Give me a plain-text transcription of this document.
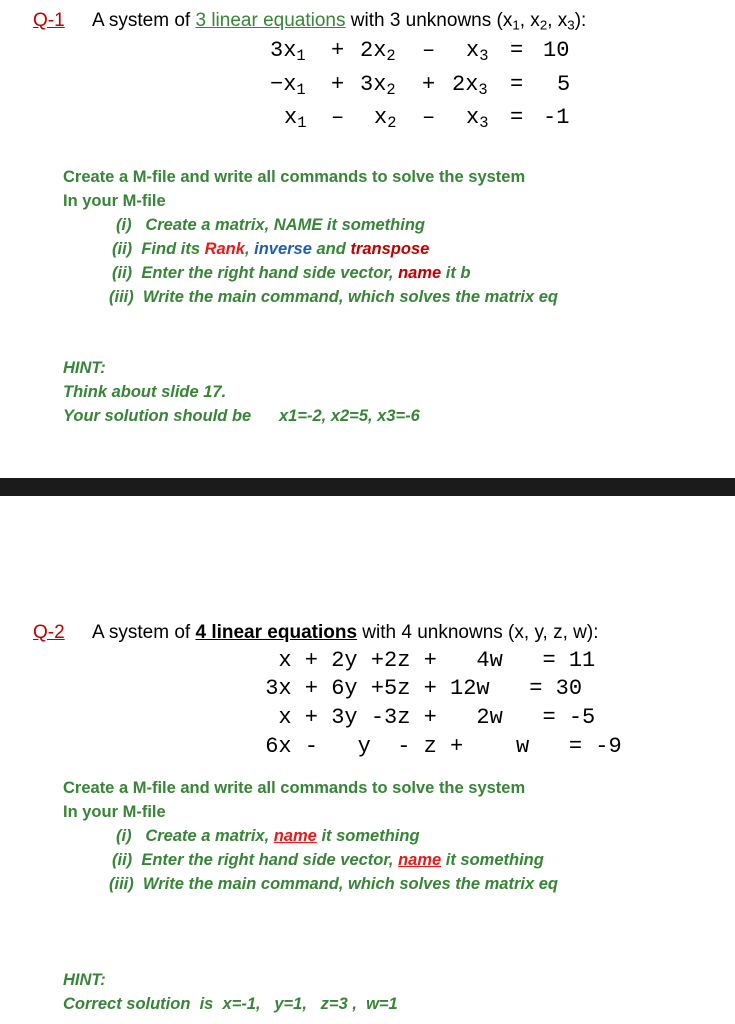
Q-1 A system of 3 linear equations with 3 unknowns ($x_1$, $x_2$, $x_3$):
$3x_1 + 2x_2 - x_3 = 10$
$-x_1 + 3x_2 + 2x_3 = 5$
$x_1 - x_2 - x_3 = -1$
Create a M-file and write all commands to solve the system
In your M-file
(i) Create a matrix, NAME it something
(ii) Find its Rank, inverse and transpose
(ii) Enter the right hand side vector, name it b
(iii) Write the main command, which solves the matrix eq
HINT:
Think about slide 17.
Your solution should be x1=-2, x2=5, x3=-6
Q-2 A system of 4 linear equations with 4 unknowns (x, y, z, w):
x + 2y +2z +   4w   = 11
3x + 6y +5z + 12w   = 30
x + 3y -3z +   2w   = -5
6x -   y  - z +    w   = -9
Create a M-file and write all commands to solve the system
In your M-file
(i) Create a matrix, name it something
(ii) Enter the right hand side vector, name it something
(iii) Write the main command, which solves the matrix eq
HINT:
Correct solution  is  x=-1,   y=1,   z=3 ,  w=1
